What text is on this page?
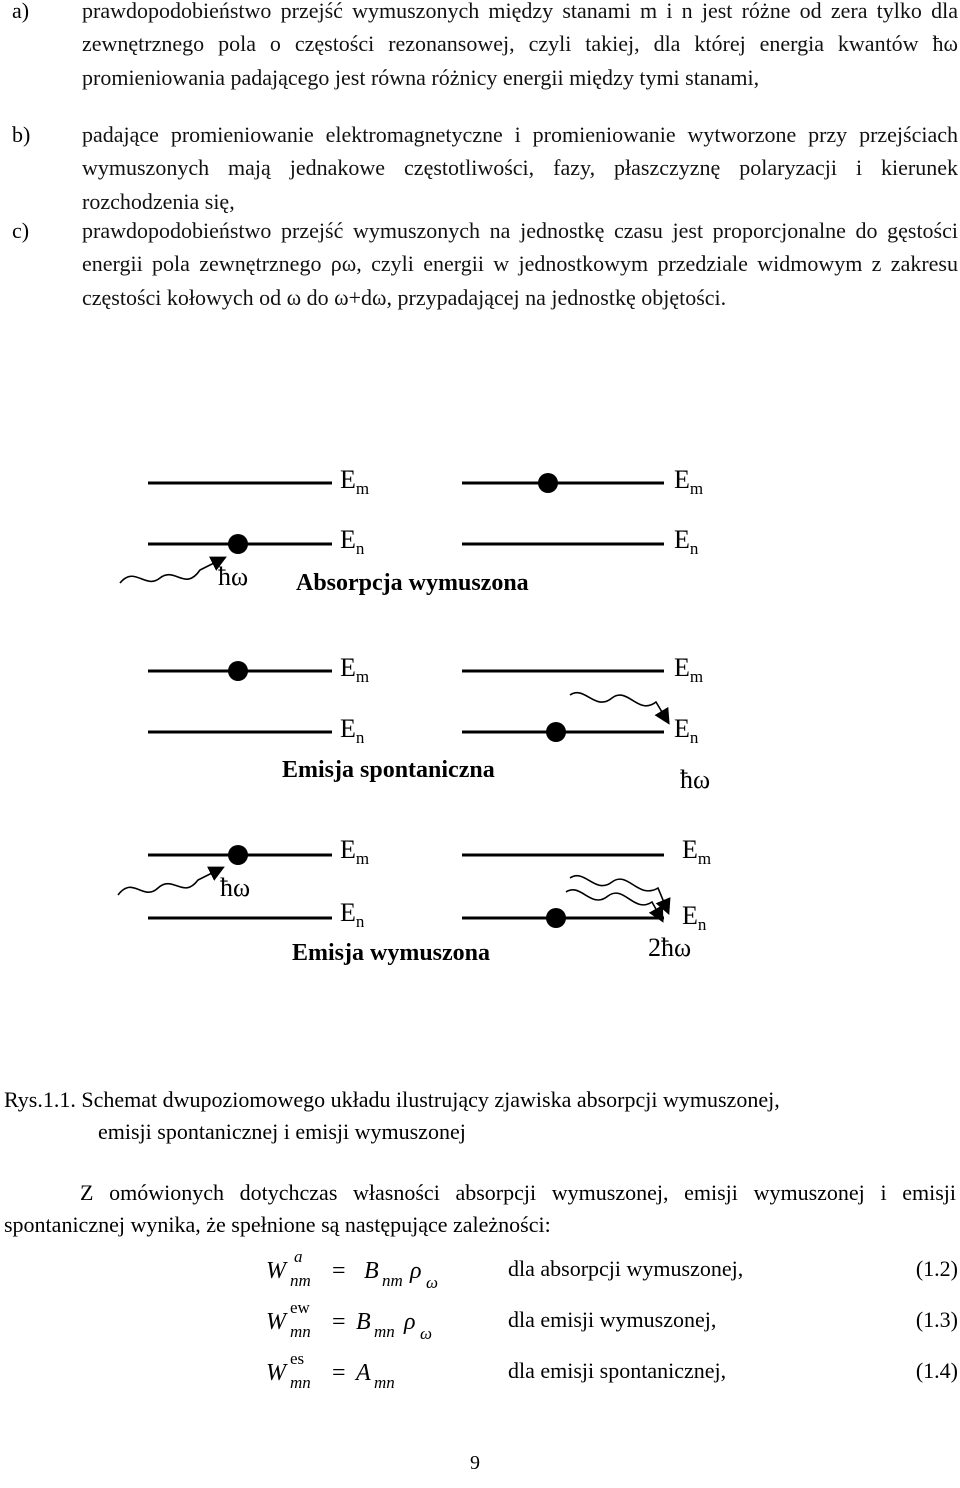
a) prawdopodobieństwo przejść wymuszonych między stanami m i n jest różne od zera tylko dla zewnętrznego pola o częstości rezonansowej, czyli takiej, dla której energia kwantów ħω promieniowania padającego jest równa różnicy energii między tymi stanami,
b) padające promieniowanie elektromagnetyczne i promieniowanie wytworzone przy przejściach wymuszonych mają jednakowe częstotliwości, fazy, płaszczyznę polaryzacji i kierunek rozchodzenia się,
c) prawdopodobieństwo przejść wymuszonych na jednostkę czasu jest proporcjonalne do gęstości energii pola zewnętrznego ρω, czyli energii w jednostkowym przedziale widmowym z zakresu częstości kołowych od ω do ω+dω, przypadającej na jednostkę objętości.
$E_m$
$E_n$
ħω Absorpcja wymuszona
$E_m$
$E_n$
$E_m$
$E_n$
Emisja spontaniczna
$E_m$
$E_n$
ħω
$E_m$
$E_n$
ħω
Emisja wymuszona
$E_m$
$E_n$
2ħω
Rys.1.1. Schemat dwupoziomowego układu ilustrujący zjawiska absorpcji wymuszonej,
emisji spontanicznej i emisji wymuszonej
Z omówionych dotychczas własności absorpcji wymuszonej, emisji wymuszonej i emisji spontanicznej wynika, że spełnione są następujące zależności:
W
a
nm = B nm ρ ω
dla absorpcji wymuszonej,	(1.2)
W
ew
mn = B mn ρ ω
dla emisji wymuszonej,	(1.3)
W
es
mn = A mn	dla emisji spontanicznej,	(1.4)
9
